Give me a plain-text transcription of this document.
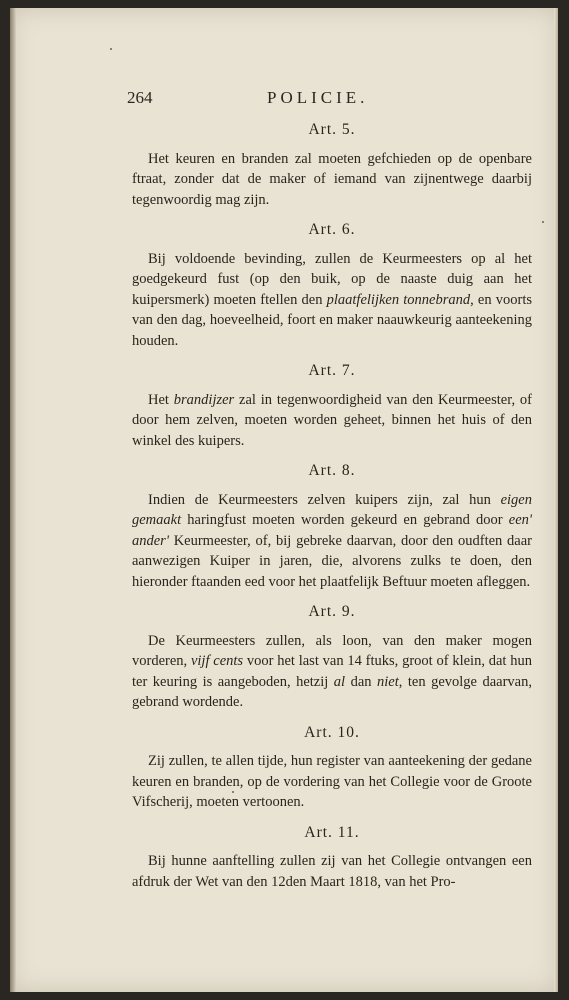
264	POLICIE.
Art. 5.

Het keuren en branden zal moeten gefchieden op de openbare ftraat, zonder dat de maker of iemand van zijnentwege daarbij tegenwoordig mag zijn.

Art. 6.

Bij voldoende bevinding, zullen de Keurmeesters op al het goedgekeurd fust (op den buik, op de naaste duig aan het kuipersmerk) moeten ftellen den plaatfelijken tonnebrand, en voorts van den dag, hoeveelheid, foort en maker naauwkeurig aanteekening houden.

Art. 7.

Het brandijzer zal in tegenwoordigheid van den Keurmeester, of door hem zelven, moeten worden geheet, binnen het huis of den winkel des kuipers.

Art. 8.

Indien de Keurmeesters zelven kuipers zijn, zal hun eigen gemaakt haringfust moeten worden gekeurd en gebrand door een' ander' Keurmeester, of, bij gebreke daarvan, door den oudften daar aanwezigen Kuiper in jaren, die, alvorens zulks te doen, den hieronder ftaanden eed voor het plaatfelijk Beftuur moeten afleggen.

Art. 9.

De Keurmeesters zullen, als loon, van den maker mogen vorderen, vijf cents voor het last van 14 ftuks, groot of klein, dat hun ter keuring is aangeboden, hetzij al dan niet, ten gevolge daarvan, gebrand wordende.

Art. 10.

Zij zullen, te allen tijde, hun register van aanteekening der gedane keuren en branden, op de vordering van het Collegie voor de Groote Vifscherij, moeten vertoonen.

Art. 11.

Bij hunne aanftelling zullen zij van het Collegie ontvangen een afdruk der Wet van den 12den Maart 1818, van het Pro-
